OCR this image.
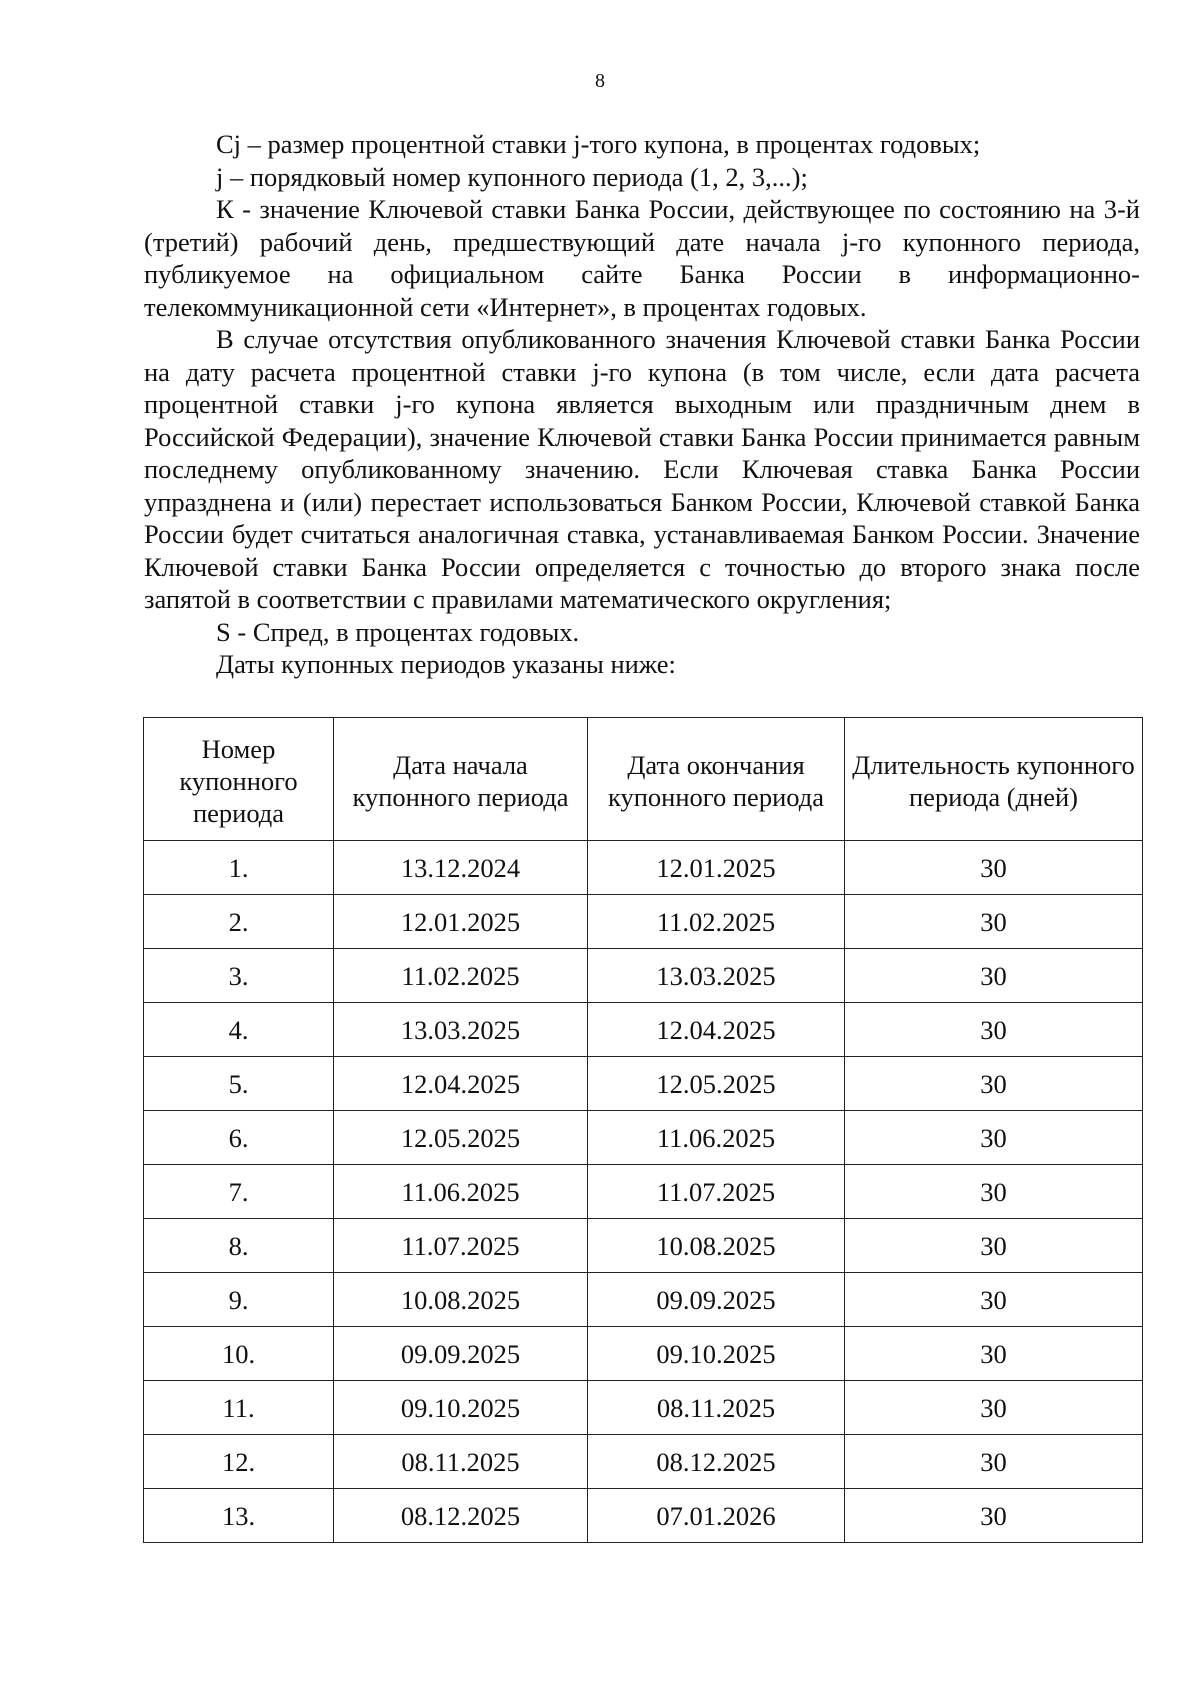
8

Cj – размер процентной ставки j-того купона, в процентах годовых;

j – порядковый номер купонного периода (1, 2, 3,...);

К - значение Ключевой ставки Банка России, действующее по состоянию на 3-й (третий) рабочий день, предшествующий дате начала j-го купонного периода, публикуемое на официальном сайте Банка России в информационно-телекоммуникационной сети «Интернет», в процентах годовых.

В случае отсутствия опубликованного значения Ключевой ставки Банка России на дату расчета процентной ставки j-го купона (в том числе, если дата расчета процентной ставки j-го купона является выходным или праздничным днем в Российской Федерации), значение Ключевой ставки Банка России принимается равным последнему опубликованному значению. Если Ключевая ставка Банка России упразднена и (или) перестает использоваться Банком России, Ключевой ставкой Банка России будет считаться аналогичная ставка, устанавливаемая Банком России. Значение Ключевой ставки Банка России определяется с точностью до второго знака после запятой в соответствии с правилами математического округления;

S - Спред, в процентах годовых.

Даты купонных периодов указаны ниже:

Номер купонного периода	Дата начала купонного периода	Дата окончания купонного периода	Длительность купонного периода (дней)
1.	13.12.2024	12.01.2025	30
2.	12.01.2025	11.02.2025	30
3.	11.02.2025	13.03.2025	30
4.	13.03.2025	12.04.2025	30
5.	12.04.2025	12.05.2025	30
6.	12.05.2025	11.06.2025	30
7.	11.06.2025	11.07.2025	30
8.	11.07.2025	10.08.2025	30
9.	10.08.2025	09.09.2025	30
10.	09.09.2025	09.10.2025	30
11.	09.10.2025	08.11.2025	30
12.	08.11.2025	08.12.2025	30
13.	08.12.2025	07.01.2026	30
